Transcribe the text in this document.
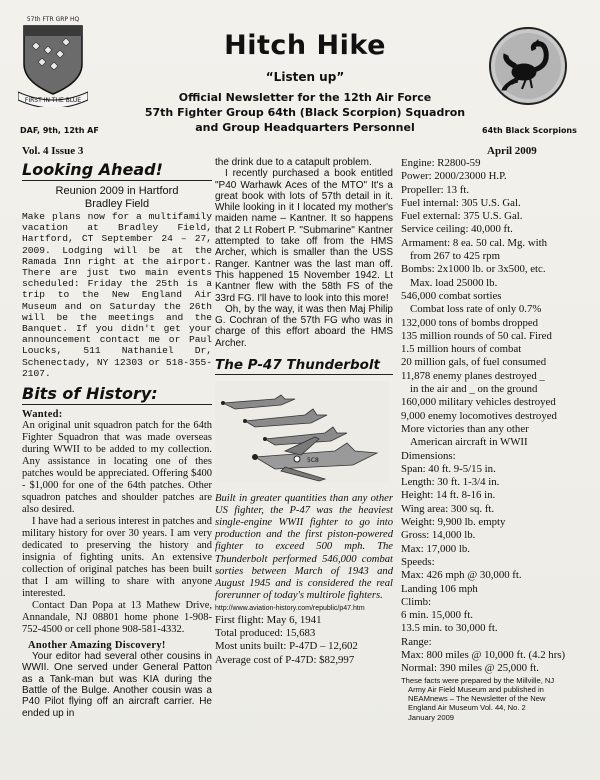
57th FTR GRP HQ
FIRST IN THE BLUE
Hitch Hike
“Listen up”
Official Newsletter for the 12th Air Force
57th Fighter Group 64th (Black Scorpion) Squadron
and Group Headquarters Personnel
DAF, 9th, 12th AF	64th Black Scorpions
Vol. 4 Issue 3	April 2009
Looking Ahead!

Reunion 2009 in Hartford

Bradley Field

Make plans now for a multifamily vacation at Bradley Field, Hartford, CT September 24 – 27, 2009. Lodging will be at the Ramada Inn right at the airport. There are just two main events scheduled: Friday the 25th is a trip to the New England Air Museum and on Saturday the 26th will be the meetings and the Banquet. If you didn't get your announcement contact me or Paul Loucks, 511 Nathaniel Dr, Schenectady, NY 12303 or 518-355-2107.

Bits of History:
Wanted:

An original unit squadron patch for the 64th Fighter Squadron that was made overseas during WWII to be added to my collection. Any assistance in locating one of thes patches would be appreciated. Offering $400 - $1,000 for one of the 64th patches. Other squadron patches and shoulder patches are also desired.

I have had a serious interest in patches and military history for over 30 years. I am very dedicated to preserving the history and insignia of fighting units. An extensive collection of original patches has been built that I am willing to share with anyone interested.

Contact Dan Popa at 13 Mathew Drive, Annandale, NJ 08801 home phone 1-908-752-4500 or cell phone 908-581-4332.

Another Amazing Discovery!

Your editor had several other cousins in WWII. One served under General Patton as a Tank-man but was KIA during the Battle of the Bulge. Another cousin was a P40 Pilot flying off an aircraft carrier. He ended up in

the drink due to a catapult problem.

I recently purchased a book entitled "P40 Warhawk Aces of the MTO" It's a great book with lots of 57th detail in it. While looking in it I located my mother's maiden name – Kantner. It so happens that 2 Lt Robert P. "Submarine" Kantner attempted to take off from the HMS Archer, which is smaller than the USS Ranger. Kantner was the last man off. This happened 15 November 1942. Lt Kantner flew with the 58th FS of the 33rd FG. I'll have to look into this more!

Oh, by the way, it was then Maj Philip G. Cochran of the 57th FG who was in charge of this effort aboard the HMS Archer.

The P-47 Thunderbolt
5C8

Built in greater quantities than any other US fighter, the P-47 was the heaviest single-engine WWII fighter to go into production and the first piston-powered fighter to exceed 500 mph. The Thunderbolt performed 546,000 combat sorties between March of 1943 and August 1945 and is considered the real forerunner of today's multirole fighters.

http://www.aviation-history.com/republic/p47.htm

First flight: May 6, 1941

Total produced: 15,683

Most units built: P-47D – 12,602

Average cost of P-47D: $82,997

Engine: R2800-59

Power: 2000/23000 H.P.

Propeller: 13 ft.

Fuel internal: 305 U.S. Gal.

Fuel external: 375 U.S. Gal.

Service ceiling: 40,000 ft.

Armament: 8 ea. 50 cal. Mg. with

from 267 to 425 rpm

Bombs: 2x1000 lb. or 3x500, etc.

Max. load 25000 lb.

546,000 combat sorties

Combat loss rate of only 0.7%

132,000 tons of bombs dropped

135 million rounds of 50 cal. Fired

1.5 million hours of combat

20 million gals, of fuel consumed

11,878 enemy planes destroyed _

in the air and _ on the ground

160,000 military vehicles destroyed

9,000 enemy locomotives destroyed

More victories than any other

American aircraft in WWII

Dimensions:

Span: 40 ft. 9-5/15 in.

Length: 30 ft. 1-3/4 in.

Height: 14 ft. 8-16 in.

Wing area: 300 sq. ft.

Weight: 9,900 lb. empty

Gross: 14,000 lb.

Max: 17,000 lb.

Speeds:

Max: 426 mph @ 30,000 ft.

Landing 106 mph

Climb:

6 min. 15,000 ft.

13.5 min. to 30,000 ft.

Range:

Max: 800 miles @ 10,000 ft. (4.2 hrs)

Normal: 390 miles @ 25,000 ft.

These facts were prepared by the Millville, NJ

Army Air Field Museum and published in

NEAMnews – The Newsletter of the New

England Air Museum Vol. 44, No. 2

January 2009
